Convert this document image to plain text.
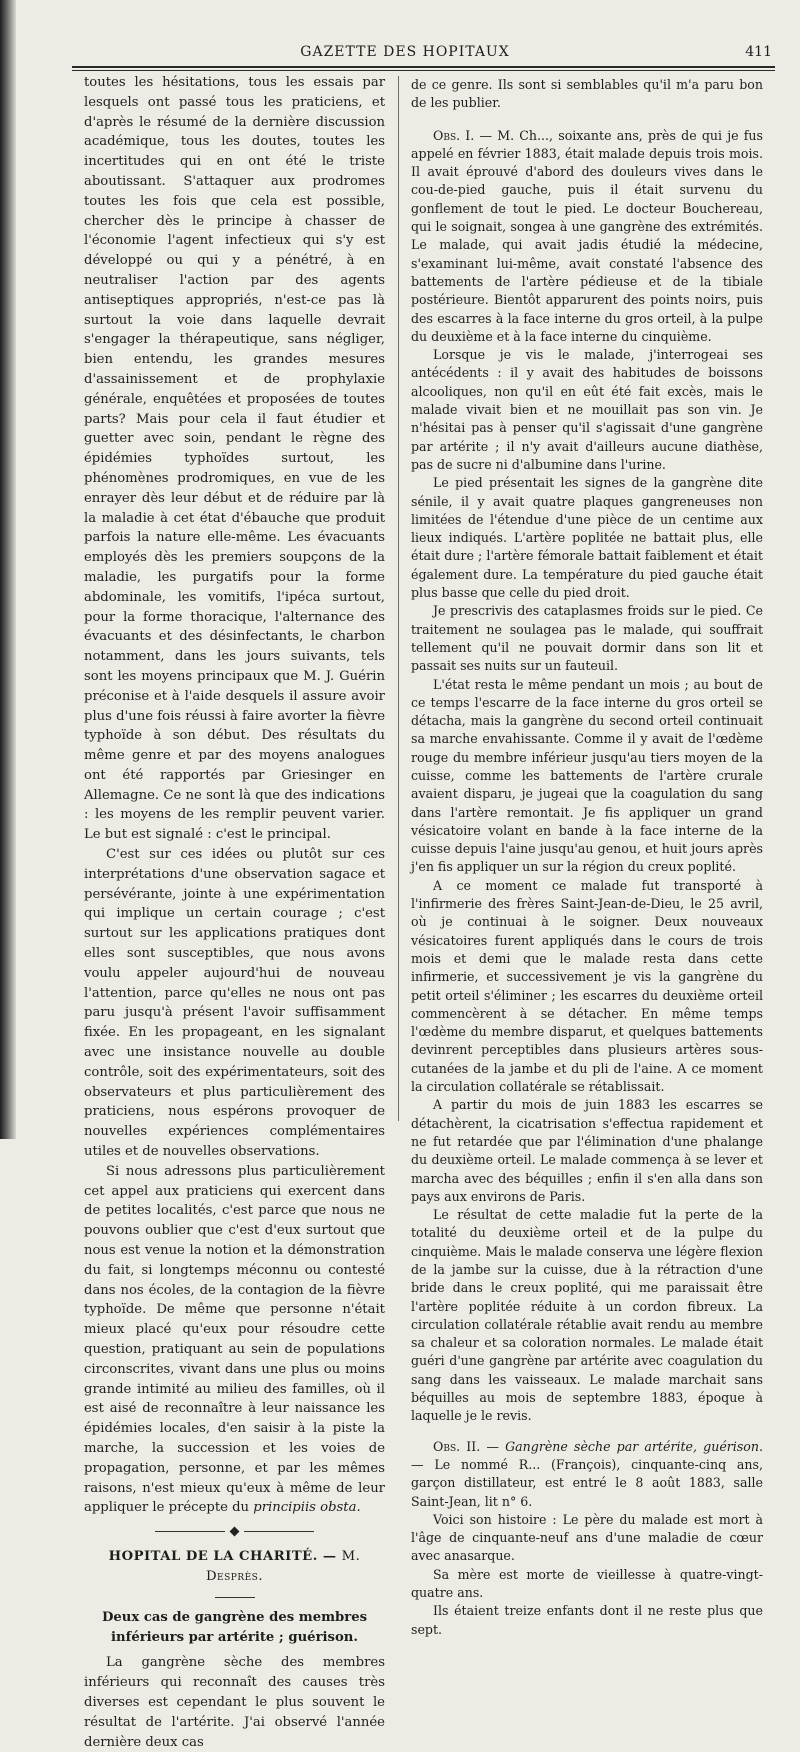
GAZETTE DES HOPITAUX	411

toutes les hésitations, tous les essais par lesquels ont passé tous les praticiens, et d'après le résumé de la dernière discussion académique, tous les doutes, toutes les incertitudes qui en ont été le triste aboutissant. S'attaquer aux prodromes toutes les fois que cela est possible, chercher dès le principe à chasser de l'économie l'agent infectieux qui s'y est développé ou qui y a pénétré, à en neutraliser l'action par des agents antiseptiques appropriés, n'est-ce pas là surtout la voie dans laquelle devrait s'engager la thérapeutique, sans négliger, bien entendu, les grandes mesures d'assainissement et de prophylaxie générale, enquêtées et proposées de toutes parts? Mais pour cela il faut étudier et guetter avec soin, pendant le règne des épidémies typhoïdes surtout, les phénomènes prodromiques, en vue de les enrayer dès leur début et de réduire par là la maladie à cet état d'ébauche que produit parfois la nature elle-même. Les évacuants employés dès les premiers soupçons de la maladie, les purgatifs pour la forme abdominale, les vomitifs, l'ipéca surtout, pour la forme thoracique, l'alternance des évacuants et des désinfectants, le charbon notamment, dans les jours suivants, tels sont les moyens principaux que M. J. Guérin préconise et à l'aide desquels il assure avoir plus d'une fois réussi à faire avorter la fièvre typhoïde à son début. Des résultats du même genre et par des moyens analogues ont été rapportés par Griesinger en Allemagne. Ce ne sont là que des indications : les moyens de les remplir peuvent varier. Le but est signalé : c'est le principal.

C'est sur ces idées ou plutôt sur ces interprétations d'une observation sagace et persévérante, jointe à une expérimentation qui implique un certain courage ; c'est surtout sur les applications pratiques dont elles sont susceptibles, que nous avons voulu appeler aujourd'hui de nouveau l'attention, parce qu'elles ne nous ont pas paru jusqu'à présent l'avoir suffisamment fixée. En les propageant, en les signalant avec une insistance nouvelle au double contrôle, soit des expérimentateurs, soit des observateurs et plus particulièrement des praticiens, nous espérons provoquer de nouvelles expériences complémentaires utiles et de nouvelles observations.

Si nous adressons plus particulièrement cet appel aux praticiens qui exercent dans de petites localités, c'est parce que nous ne pouvons oublier que c'est d'eux surtout que nous est venue la notion et la démonstration du fait, si longtemps méconnu ou contesté dans nos écoles, de la contagion de la fièvre typhoïde. De même que personne n'était mieux placé qu'eux pour résoudre cette question, pratiquant au sein de populations circonscrites, vivant dans une plus ou moins grande intimité au milieu des familles, où il est aisé de reconnaître à leur naissance les épidémies locales, d'en saisir à la piste la marche, la succession et les voies de propagation, personne, et par les mêmes raisons, n'est mieux qu'eux à même de leur appliquer le précepte du principiis obsta.

HOPITAL DE LA CHARITÉ. — M. Desprès.

Deux cas de gangrène des membres inférieurs par artérite ; guérison.

La gangrène sèche des membres inférieurs qui reconnaît des causes très diverses est cependant le plus souvent le résultat de l'artérite. J'ai observé l'année dernière deux cas

de ce genre. Ils sont si semblables qu'il m'a paru bon de les publier.

Obs. I. — M. Ch..., soixante ans, près de qui je fus appelé en février 1883, était malade depuis trois mois. Il avait éprouvé d'abord des douleurs vives dans le cou-de-pied gauche, puis il était survenu du gonflement de tout le pied. Le docteur Bouchereau, qui le soignait, songea à une gangrène des extrémités. Le malade, qui avait jadis étudié la médecine, s'examinant lui-même, avait constaté l'absence des battements de l'artère pédieuse et de la tibiale postérieure. Bientôt apparurent des points noirs, puis des escarres à la face interne du gros orteil, à la pulpe du deuxième et à la face interne du cinquième.

Lorsque je vis le malade, j'interrogeai ses antécédents : il y avait des habitudes de boissons alcooliques, non qu'il en eût été fait excès, mais le malade vivait bien et ne mouillait pas son vin. Je n'hésitai pas à penser qu'il s'agissait d'une gangrène par artérite ; il n'y avait d'ailleurs aucune diathèse, pas de sucre ni d'albumine dans l'urine.

Le pied présentait les signes de la gangrène dite sénile, il y avait quatre plaques gangreneuses non limitées de l'étendue d'une pièce de un centime aux lieux indiqués. L'artère poplitée ne battait plus, elle était dure ; l'artère fémorale battait faiblement et était également dure. La température du pied gauche était plus basse que celle du pied droit.

Je prescrivis des cataplasmes froids sur le pied. Ce traitement ne soulagea pas le malade, qui souffrait tellement qu'il ne pouvait dormir dans son lit et passait ses nuits sur un fauteuil.

L'état resta le même pendant un mois ; au bout de ce temps l'escarre de la face interne du gros orteil se détacha, mais la gangrène du second orteil continuait sa marche envahissante. Comme il y avait de l'œdème rouge du membre inférieur jusqu'au tiers moyen de la cuisse, comme les battements de l'artère crurale avaient disparu, je jugeai que la coagulation du sang dans l'artère remontait. Je fis appliquer un grand vésicatoire volant en bande à la face interne de la cuisse depuis l'aine jusqu'au genou, et huit jours après j'en fis appliquer un sur la région du creux poplité.

A ce moment ce malade fut transporté à l'infirmerie des frères Saint-Jean-de-Dieu, le 25 avril, où je continuai à le soigner. Deux nouveaux vésicatoires furent appliqués dans le cours de trois mois et demi que le malade resta dans cette infirmerie, et successivement je vis la gangrène du petit orteil s'éliminer ; les escarres du deuxième orteil commencèrent à se détacher. En même temps l'œdème du membre disparut, et quelques battements devinrent perceptibles dans plusieurs artères sous-cutanées de la jambe et du pli de l'aine. A ce moment la circulation collatérale se rétablissait.

A partir du mois de juin 1883 les escarres se détachèrent, la cicatrisation s'effectua rapidement et ne fut retardée que par l'élimination d'une phalange du deuxième orteil. Le malade commença à se lever et marcha avec des béquilles ; enfin il s'en alla dans son pays aux environs de Paris.

Le résultat de cette maladie fut la perte de la totalité du deuxième orteil et de la pulpe du cinquième. Mais le malade conserva une légère flexion de la jambe sur la cuisse, due à la rétraction d'une bride dans le creux poplité, qui me paraissait être l'artère poplitée réduite à un cordon fibreux. La circulation collatérale rétablie avait rendu au membre sa chaleur et sa coloration normales. Le malade était guéri d'une gangrène par artérite avec coagulation du sang dans les vaisseaux. Le malade marchait sans béquilles au mois de septembre 1883, époque à laquelle je le revis.

Obs. II. — Gangrène sèche par artérite, guérison. — Le nommé R... (François), cinquante-cinq ans, garçon distillateur, est entré le 8 août 1883, salle Saint-Jean, lit n° 6.

Voici son histoire : Le père du malade est mort à l'âge de cinquante-neuf ans d'une maladie de cœur avec anasarque.

Sa mère est morte de vieillesse à quatre-vingt-quatre ans.

Ils étaient treize enfants dont il ne reste plus que sept.
